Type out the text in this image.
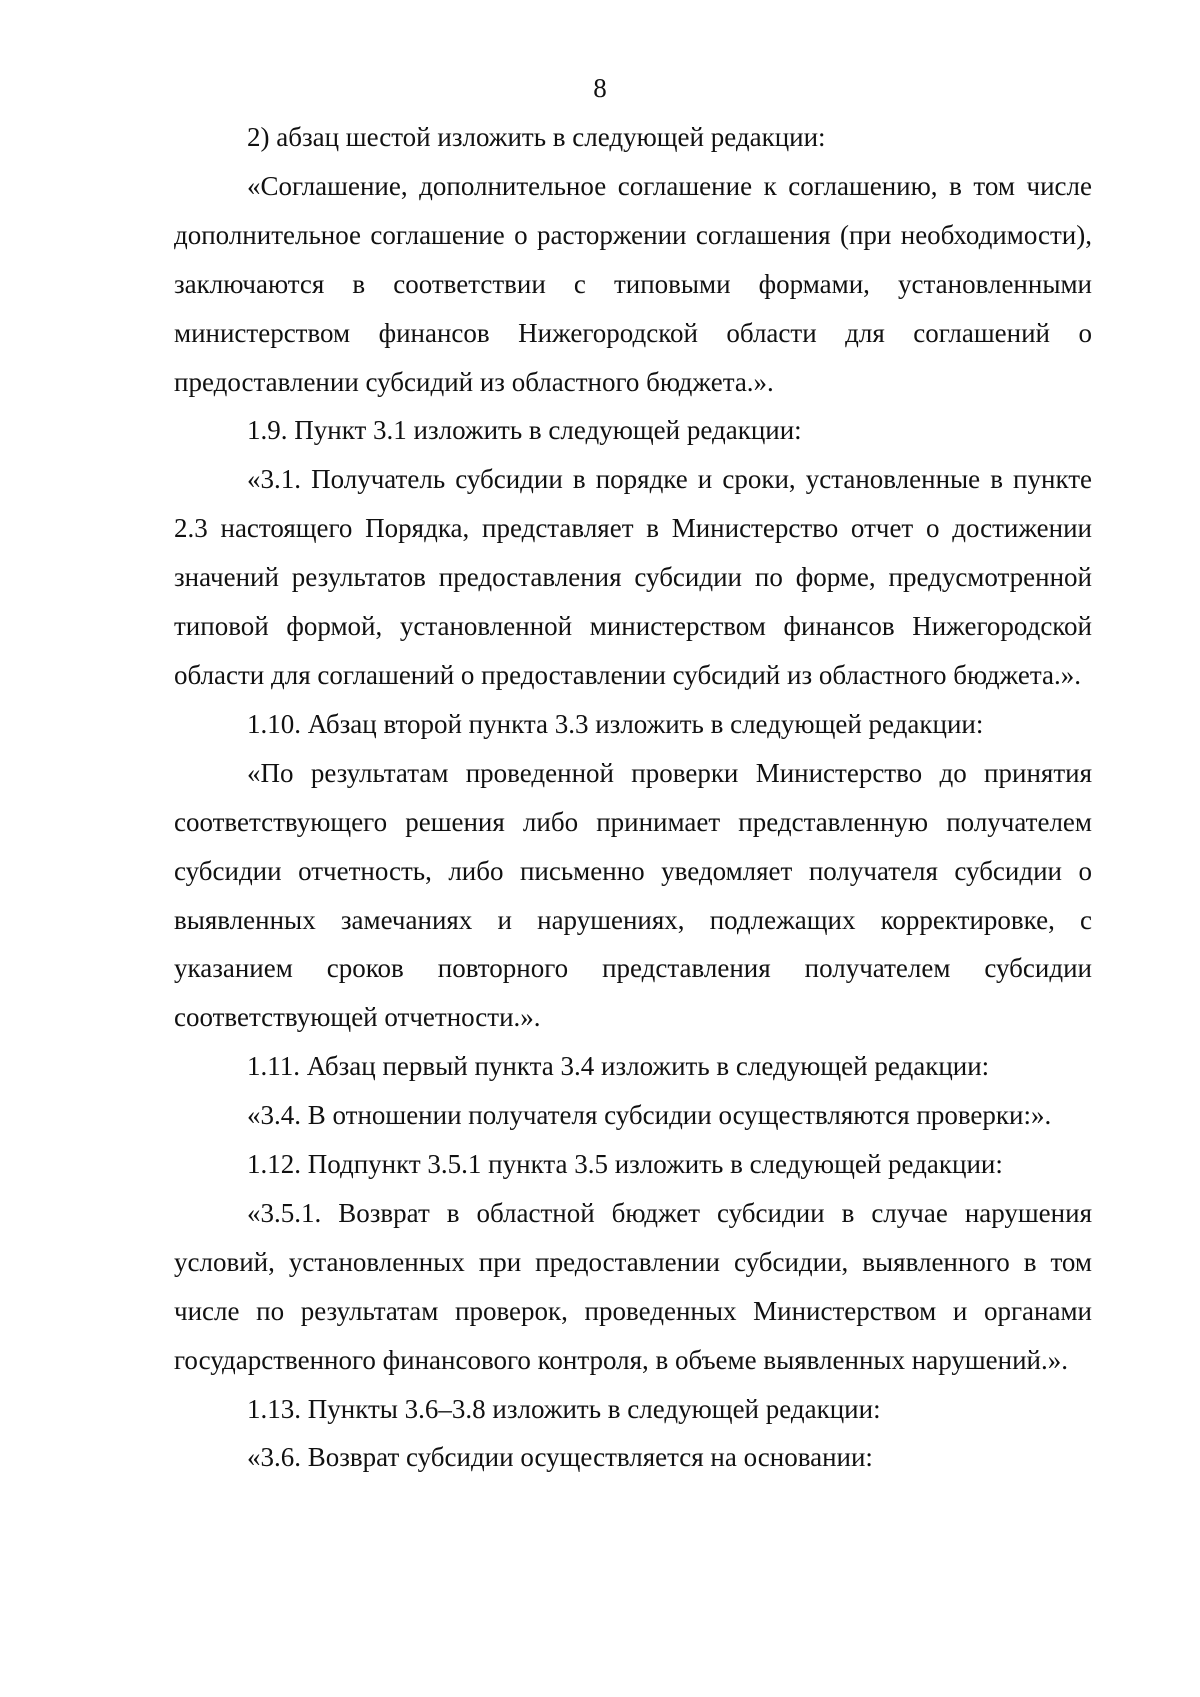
8

2) абзац шестой изложить в следующей редакции:

«Соглашение, дополнительное соглашение к соглашению, в том числе дополнительное соглашение о расторжении соглашения (при необходимости), заключаются в соответствии с типовыми формами, установленными министерством финансов Нижегородской области для соглашений о предоставлении субсидий из областного бюджета.».

1.9. Пункт 3.1 изложить в следующей редакции:

«3.1. Получатель субсидии в порядке и сроки, установленные в пункте 2.3 настоящего Порядка, представляет в Министерство отчет о достижении значений результатов предоставления субсидии по форме, предусмотренной типовой формой, установленной министерством финансов Нижегородской области для соглашений о предоставлении субсидий из областного бюджета.».

1.10. Абзац второй пункта 3.3 изложить в следующей редакции:

«По результатам проведенной проверки Министерство до принятия соответствующего решения либо принимает представленную получателем субсидии отчетность, либо письменно уведомляет получателя субсидии о выявленных замечаниях и нарушениях, подлежащих корректировке, с указанием сроков повторного представления получателем субсидии соответствующей отчетности.».

1.11. Абзац первый пункта 3.4 изложить в следующей редакции:

«3.4. В отношении получателя субсидии осуществляются проверки:».

1.12. Подпункт 3.5.1 пункта 3.5 изложить в следующей редакции:

«3.5.1. Возврат в областной бюджет субсидии в случае нарушения условий, установленных при предоставлении субсидии, выявленного в том числе по результатам проверок, проведенных Министерством и органами государственного финансового контроля, в объеме выявленных нарушений.».

1.13. Пункты 3.6–3.8 изложить в следующей редакции:

«3.6. Возврат субсидии осуществляется на основании:
